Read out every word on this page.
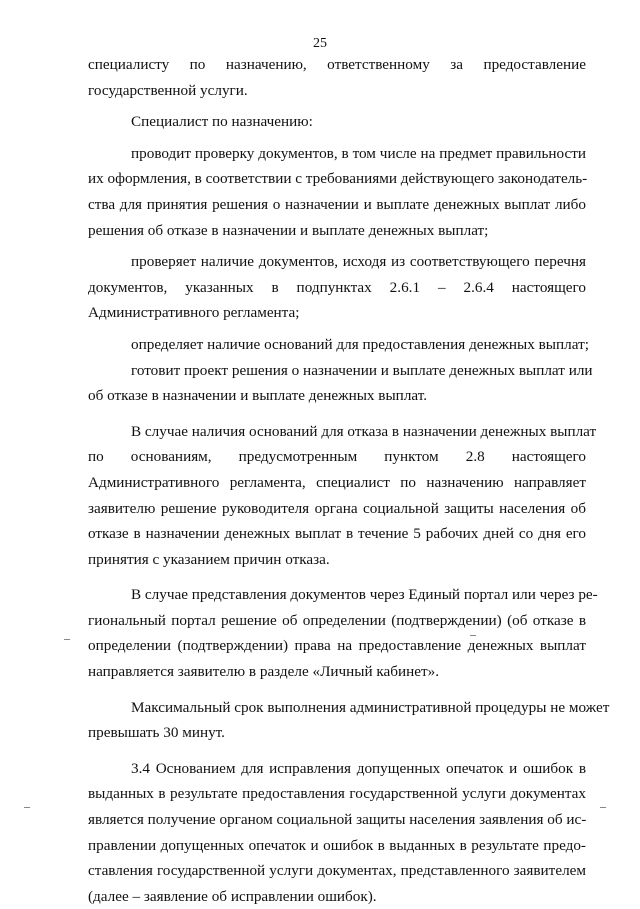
25
специалисту по назначению, ответственному за предоставление
государственной услуги.
Специалист по назначению:
проводит проверку документов, в том числе на предмет правильности
их оформления, в соответствии с требованиями действующего законодатель-
ства для принятия решения о назначении и выплате денежных выплат либо
решения об отказе в назначении и выплате денежных выплат;
проверяет наличие документов, исходя из соответствующего перечня
документов, указанных в подпунктах 2.6.1 – 2.6.4 настоящего
Административного регламента;
определяет наличие оснований для предоставления денежных выплат;
готовит проект решения о назначении и выплате денежных выплат или
об отказе в назначении и выплате денежных выплат.
В случае наличия оснований для отказа в назначении денежных выплат
по основаниям, предусмотренным пунктом 2.8 настоящего
Административного регламента, специалист по назначению направляет
заявителю решение руководителя органа социальной защиты населения об
отказе в назначении денежных выплат в течение 5 рабочих дней со дня его
принятия с указанием причин отказа.
В случае представления документов через Единый портал или через ре-
гиональный портал решение об определении (подтверждении) (об отказе в
определении (подтверждении) права на предоставление денежных выплат
направляется заявителю в разделе «Личный кабинет».
Максимальный срок выполнения административной процедуры не может
превышать 30 минут.
3.4 Основанием для исправления допущенных опечаток и ошибок в
выданных в результате предоставления государственной услуги документах
является получение органом социальной защиты населения заявления об ис-
правлении допущенных опечаток и ошибок в выданных в результате предо-
ставления государственной услуги документах, представленного заявителем
(далее – заявление об исправлении ошибок).
–	–
–	–
